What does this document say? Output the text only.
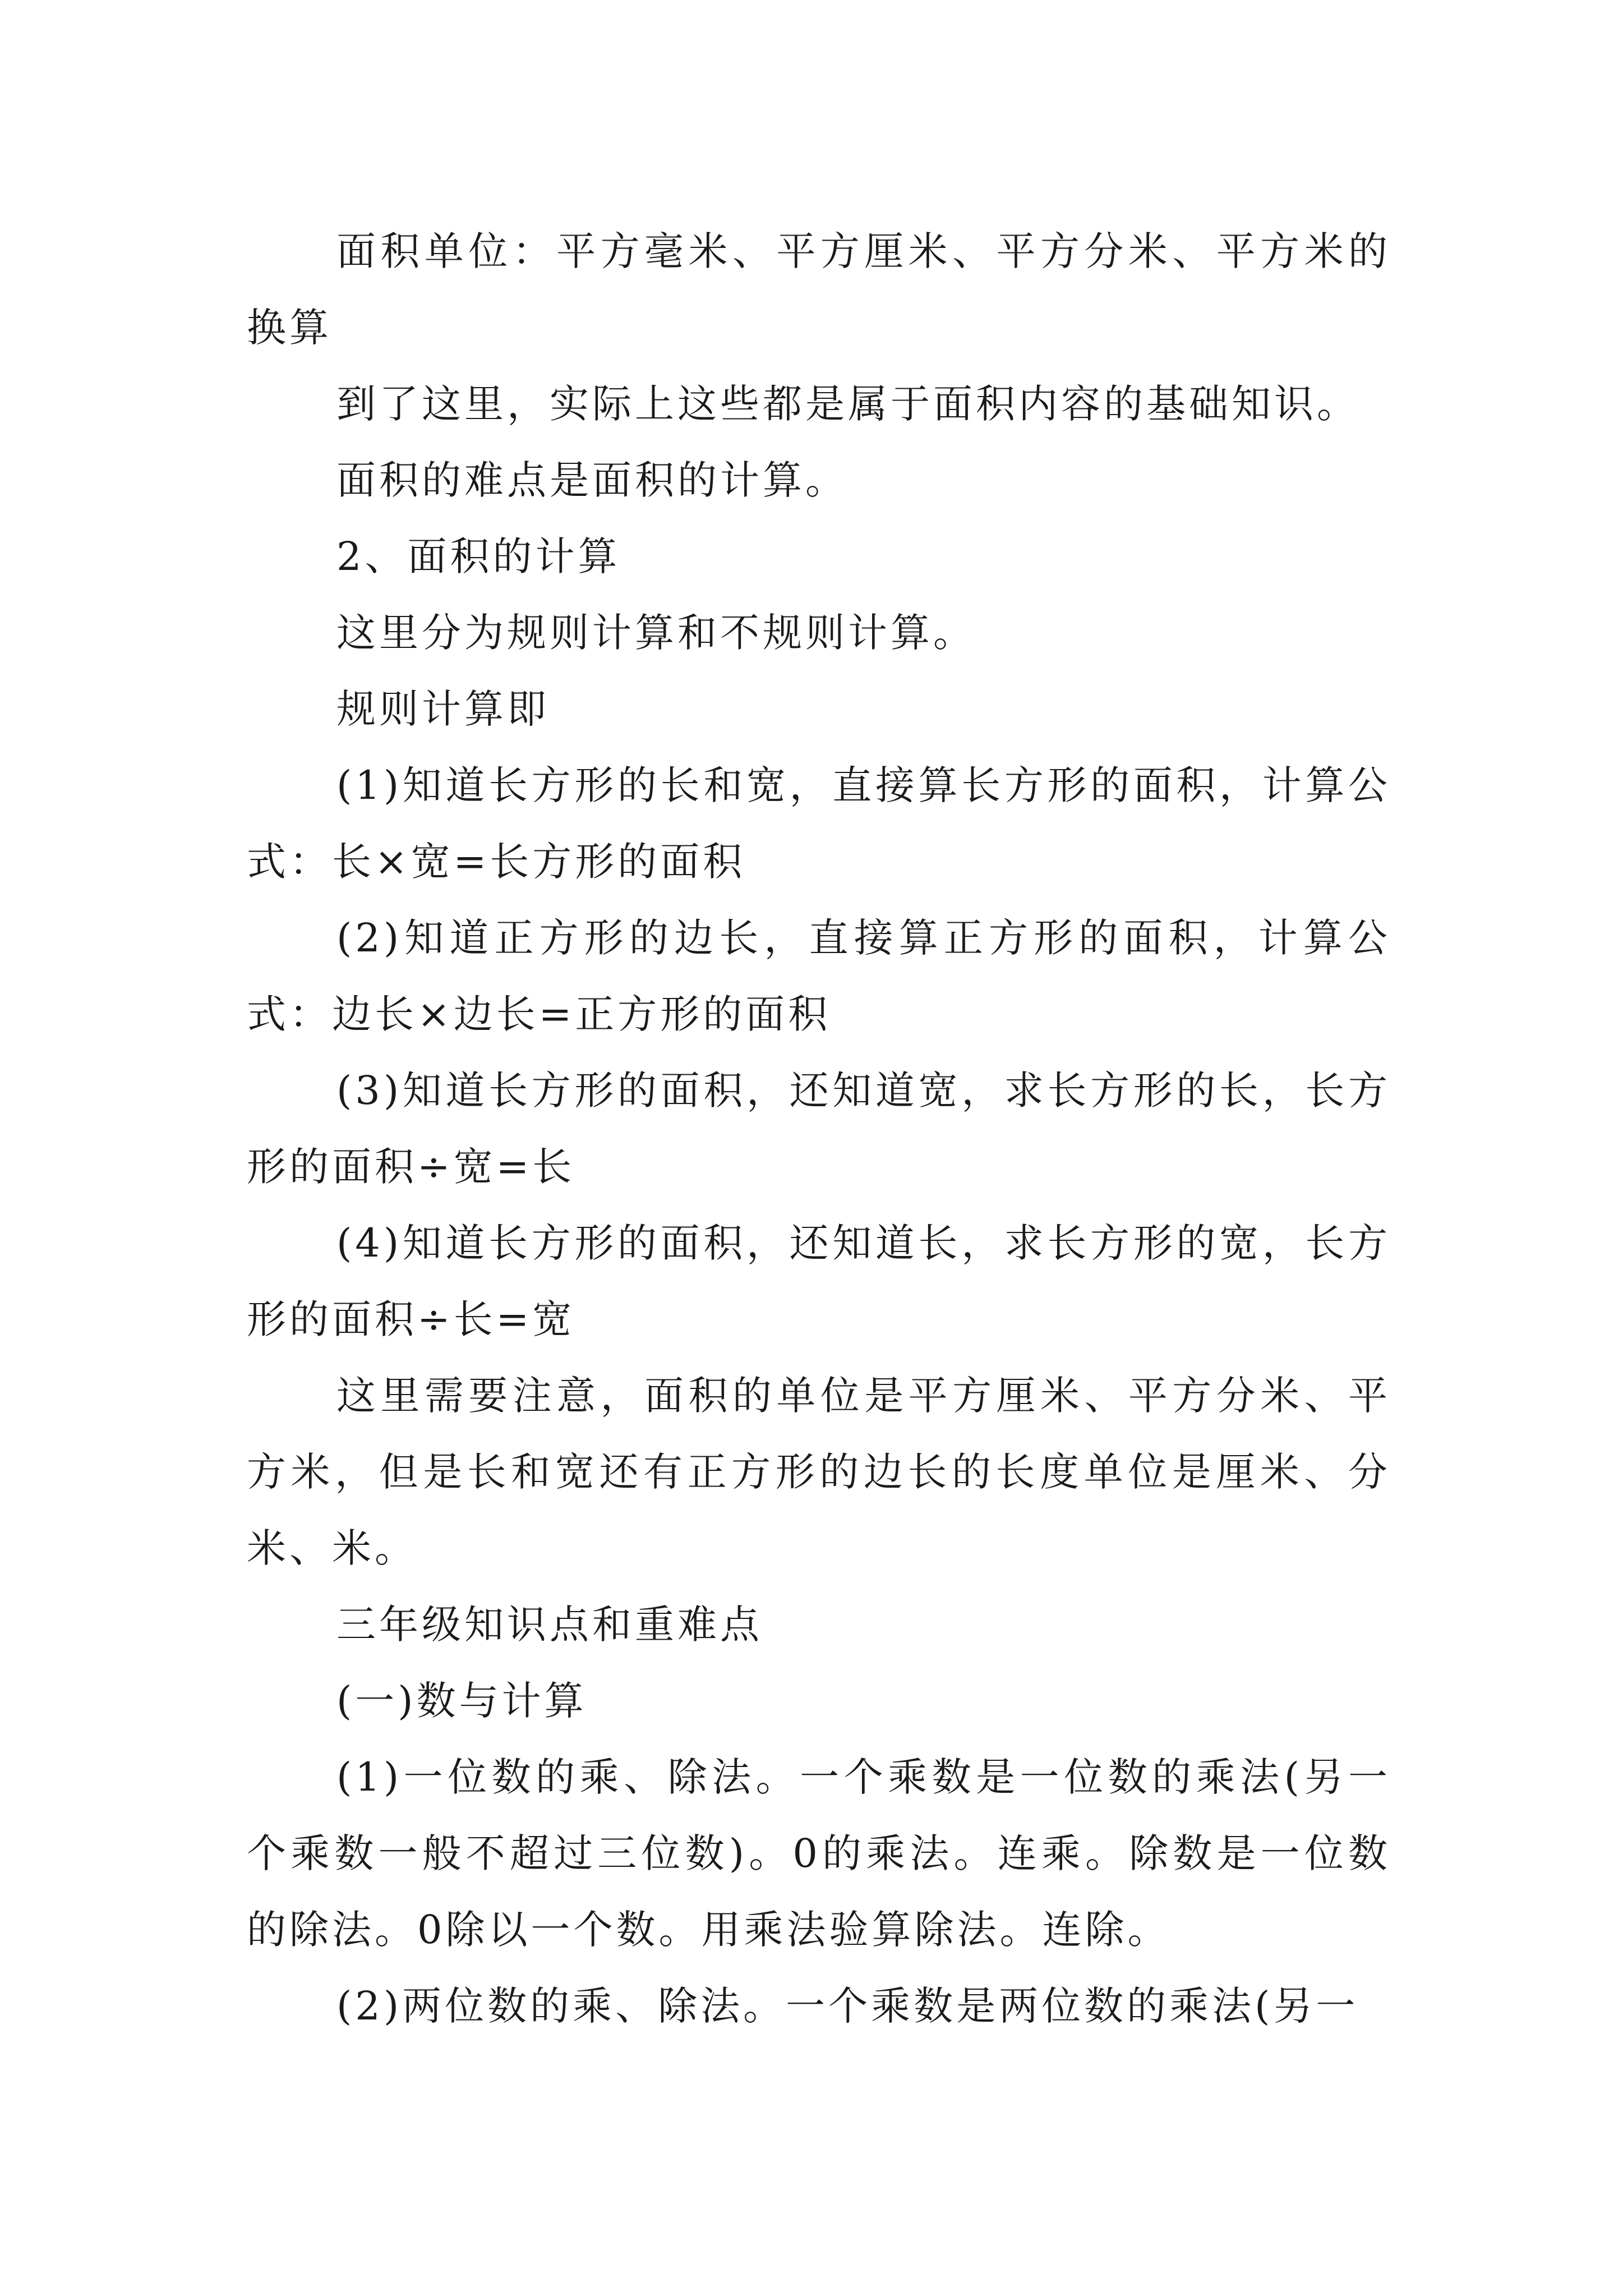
面积单位：平方毫米、平方厘米、平方分米、平方米的换算

到了这里，实际上这些都是属于面积内容的基础知识。

面积的难点是面积的计算。

2、面积的计算

这里分为规则计算和不规则计算。

规则计算即

(1)知道长方形的长和宽，直接算长方形的面积，计算公式：长×宽=长方形的面积

(2)知道正方形的边长，直接算正方形的面积，计算公式：边长×边长=正方形的面积

(3)知道长方形的面积，还知道宽，求长方形的长，长方形的面积÷宽=长

(4)知道长方形的面积，还知道长，求长方形的宽，长方形的面积÷长=宽

这里需要注意，面积的单位是平方厘米、平方分米、平方米，但是长和宽还有正方形的边长的长度单位是厘米、分米、米。

三年级知识点和重难点

(一)数与计算

(1)一位数的乘、除法。一个乘数是一位数的乘法(另一个乘数一般不超过三位数)。0的乘法。连乘。除数是一位数的除法。0除以一个数。用乘法验算除法。连除。

(2)两位数的乘、除法。一个乘数是两位数的乘法(另一
